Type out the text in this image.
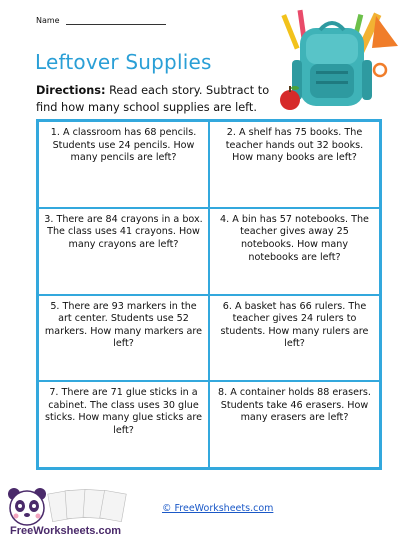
Name
Leftover Supplies
Directions: Read each story. Subtract to find how many school supplies are left.
1. A classroom has 68 pencils. Students use 24 pencils. How many pencils are left?
2. A shelf has 75 books. The teacher hands out 32 books. How many books are left?
3. There are 84 crayons in a box. The class uses 41 crayons. How many crayons are left?
4. A bin has 57 notebooks. The teacher gives away 25 notebooks. How many notebooks are left?
5. There are 93 markers in the art center. Students use 52 markers. How many markers are left?
6. A basket has 66 rulers. The teacher gives 24 rulers to students. How many rulers are left?
7. There are 71 glue sticks in a cabinet. The class uses 30 glue sticks. How many glue sticks are left?
8. A container holds 88 erasers. Students take 46 erasers. How many erasers are left?
FreeWorksheets.com
© FreeWorksheets.com
